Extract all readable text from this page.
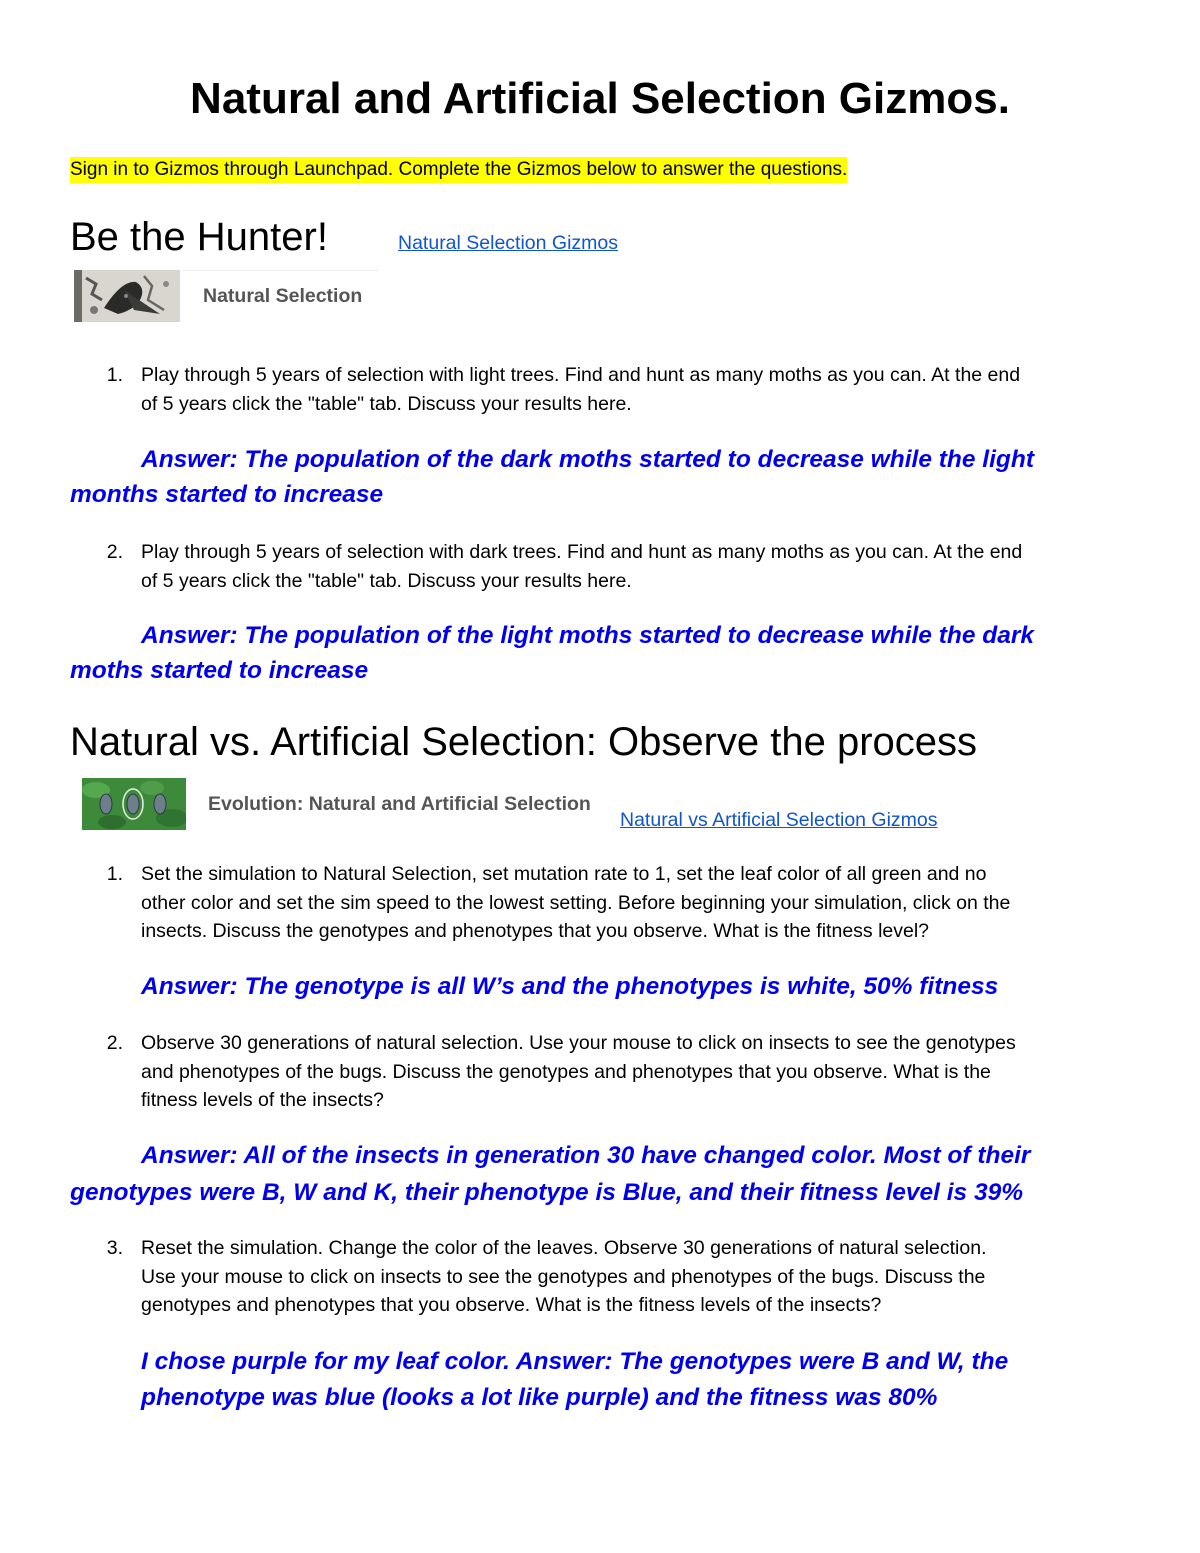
Natural and Artificial Selection Gizmos.
Sign in to Gizmos through Launchpad. Complete the Gizmos below to answer the questions.
Be the Hunter!	Natural Selection Gizmos
Natural Selection
1. Play through 5 years of selection with light trees. Find and hunt as many moths as you can. At the end
of 5 years click the "table" tab. Discuss your results here.
Answer: The population of the dark moths started to decrease while the light
months started to increase
2. Play through 5 years of selection with dark trees. Find and hunt as many moths as you can. At the end
of 5 years click the "table" tab. Discuss your results here.
Answer: The population of the light moths started to decrease while the dark
moths started to increase
Natural vs. Artificial Selection: Observe the process
Evolution: Natural and Artificial Selection
Natural vs Artificial Selection Gizmos
1. Set the simulation to Natural Selection, set mutation rate to 1, set the leaf color of all green and no
other color and set the sim speed to the lowest setting. Before beginning your simulation, click on the
insects. Discuss the genotypes and phenotypes that you observe. What is the fitness level?
Answer: The genotype is all W’s and the phenotypes is white, 50% fitness
2. Observe 30 generations of natural selection. Use your mouse to click on insects to see the genotypes
and phenotypes of the bugs. Discuss the genotypes and phenotypes that you observe. What is the
fitness levels of the insects?
Answer: All of the insects in generation 30 have changed color. Most of their
genotypes were B, W and K, their phenotype is Blue, and their fitness level is 39%
3. Reset the simulation. Change the color of the leaves. Observe 30 generations of natural selection.
Use your mouse to click on insects to see the genotypes and phenotypes of the bugs. Discuss the
genotypes and phenotypes that you observe. What is the fitness levels of the insects?
I chose purple for my leaf color. Answer: The genotypes were B and W, the
phenotype was blue (looks a lot like purple) and the fitness was 80%
